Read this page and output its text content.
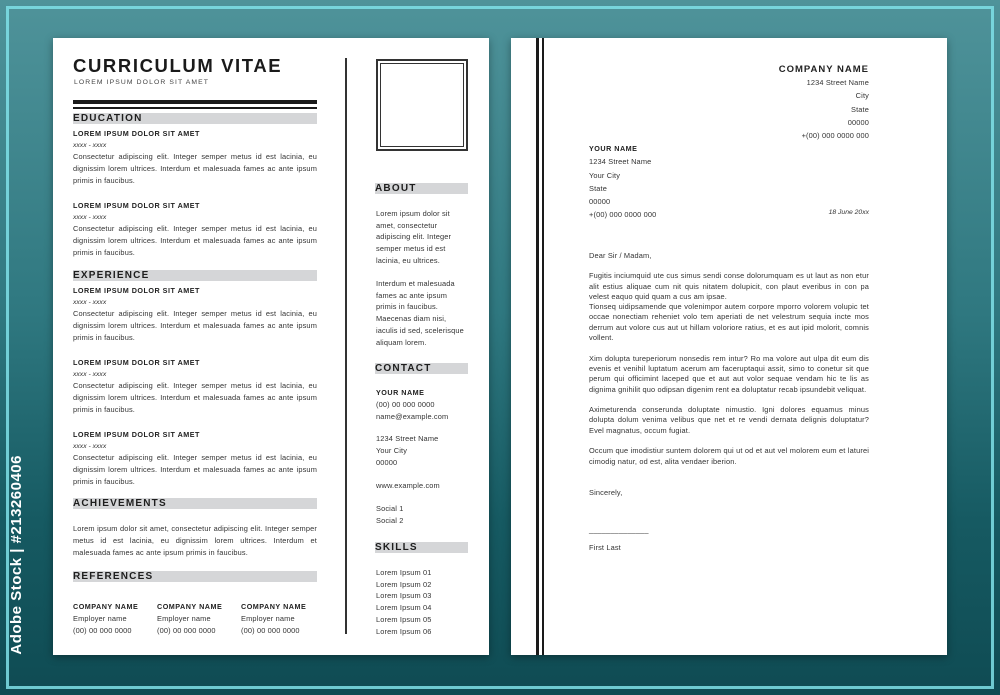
Adobe Stock | #213260406
CURRICULUM VITAE
LOREM IPSUM DOLOR SIT AMET
EDUCATION
LOREM IPSUM DOLOR SIT AMET
xxxx - xxxx
Consectetur adipiscing elit. Integer semper metus id est lacinia, eu dignissim lorem ultrices. Interdum et malesuada fames ac ante ipsum primis in faucibus.
LOREM IPSUM DOLOR SIT AMET
xxxx - xxxx
Consectetur adipiscing elit. Integer semper metus id est lacinia, eu dignissim lorem ultrices. Interdum et malesuada fames ac ante ipsum primis in faucibus.
EXPERIENCE
LOREM IPSUM DOLOR SIT AMET
xxxx - xxxx
Consectetur adipiscing elit. Integer semper metus id est lacinia, eu dignissim lorem ultrices. Interdum et malesuada fames ac ante ipsum primis in faucibus.
LOREM IPSUM DOLOR SIT AMET
xxxx - xxxx
Consectetur adipiscing elit. Integer semper metus id est lacinia, eu dignissim lorem ultrices. Interdum et malesuada fames ac ante ipsum primis in faucibus.
LOREM IPSUM DOLOR SIT AMET
xxxx - xxxx
Consectetur adipiscing elit. Integer semper metus id est lacinia, eu dignissim lorem ultrices. Interdum et malesuada fames ac ante ipsum primis in faucibus.
ACHIEVEMENTS
Lorem ipsum dolor sit amet, consectetur adipiscing elit. Integer semper metus id est lacinia, eu dignissim lorem ultrices. Interdum et malesuada fames ac ante ipsum primis in faucibus.
REFERENCES
COMPANY NAME
Employer name
(00) 00 000 0000
COMPANY NAME
Employer name
(00) 00 000 0000
COMPANY NAME
Employer name
(00) 00 000 0000
ABOUT
Lorem ipsum dolor sit amet, consectetur adipiscing elit. Integer semper metus id est lacinia, eu ultrices.
Interdum et malesuada fames ac ante ipsum primis in faucibus. Maecenas diam nisi, iaculis id sed, scelerisque aliquam lorem.
CONTACT
YOUR NAME
(00) 00 000 0000
name@example.com
1234 Street Name
Your City
00000
www.example.com
Social 1
Social 2
SKILLS
Lorem Ipsum 01
Lorem Ipsum 02
Lorem Ipsum 03
Lorem Ipsum 04
Lorem Ipsum 05
Lorem Ipsum 06
COMPANY NAME
1234 Street Name
City
State
00000
+(00) 000 0000 000
YOUR NAME
1234 Street Name
Your City
State
00000
+(00) 000 0000 000	18 June 20xx
Dear Sir / Madam,
Fugitis inciumquid ute cus simus sendi conse dolorumquam es ut laut as non etur alit estius aliquae cum nit quis nitatem dolupicit, con plaut everibus in con pa velest eaquo quid quam a cus am ipsae.
Tionseq uidipsamende que volenimpor autem corpore mporro volorem volupic tet occae nonectiam reheniet volo tem aperiati de net velestrum sequia incte mos derrum aut volore cus aut ut hillam voloriore ratius, et es aut ipid molorit, comnis vollent.
Xim dolupta tureperiorum nonsedis rem intur? Ro ma volore aut ulpa dit eum dis evenis et venihil luptatum acerum am faceruptaqui assit, simo to conetur sit que perum qui officimint laceped que et aut aut volor sequae vendam hic te lis as dignima gnihilit quo odipsan digenim rent ea doluptatur recab ipsundebit veliquat.
Aximeturenda conserunda doluptate nimustio. Igni dolores equamus minus dolupta dolum venima velibus que net et re vendi dernata delignis doluptatur? Evel magnatus, occum fugiat.
Occum que imodistiur suntem dolorem qui ut od et aut vel molorem eum et laturei cimodig natur, od est, alita vendaer iberion.
Sincerely,
______________
First Last
